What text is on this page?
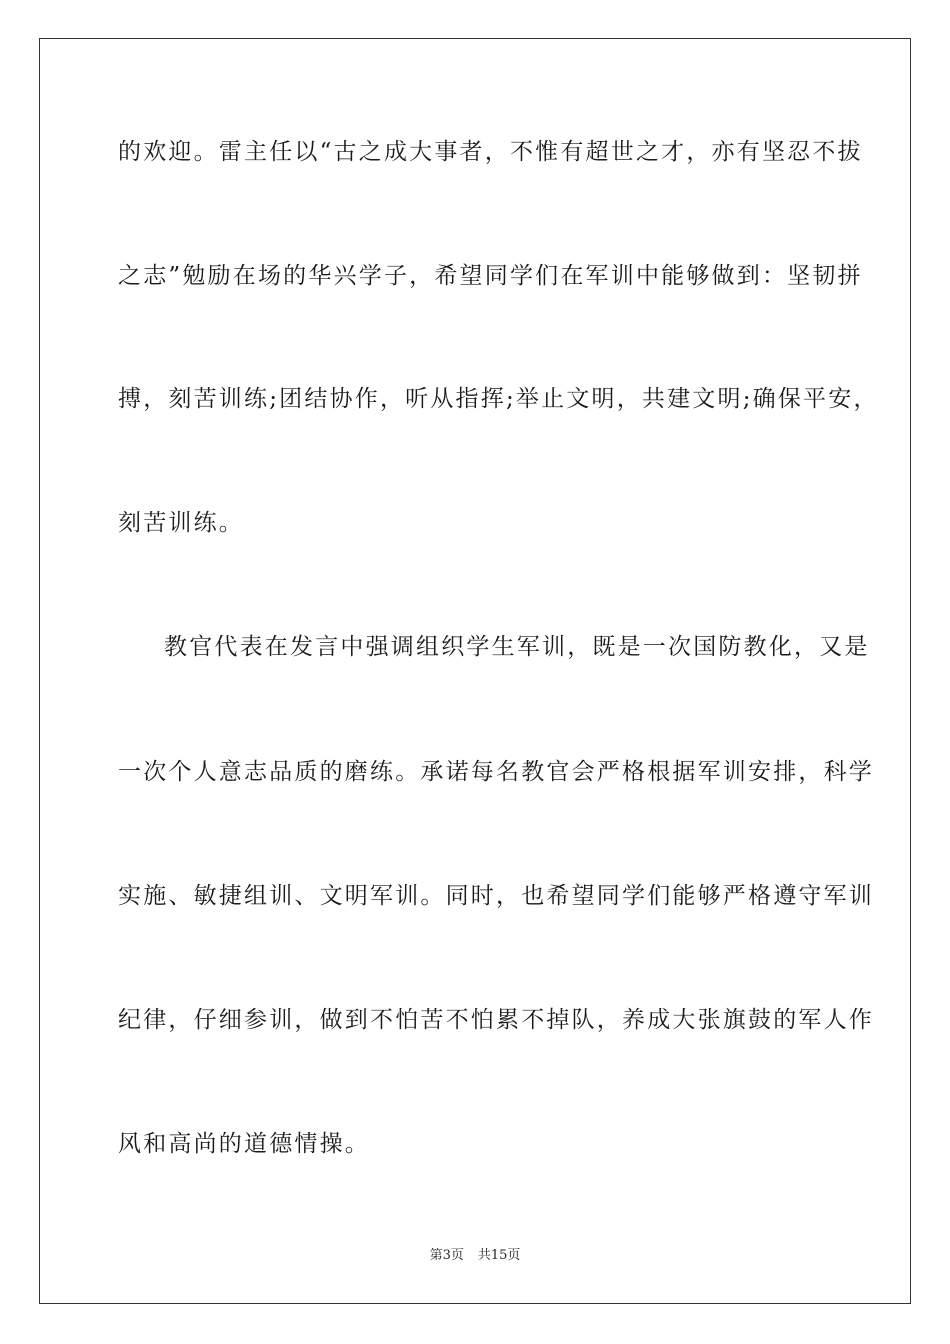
的欢迎。雷主任以“古之成大事者，不惟有超世之才，亦有坚忍不拔
之志”勉励在场的华兴学子，希望同学们在军训中能够做到：坚韧拼
搏，刻苦训练;团结协作，听从指挥;举止文明，共建文明;确保平安，
刻苦训练。
教官代表在发言中强调组织学生军训，既是一次国防教化，又是
一次个人意志品质的磨练。承诺每名教官会严格根据军训安排，科学
实施、敏捷组训、文明军训。同时，也希望同学们能够严格遵守军训
纪律，仔细参训，做到不怕苦不怕累不掉队，养成大张旗鼓的军人作
风和高尚的道德情操。
第3页 共15页
